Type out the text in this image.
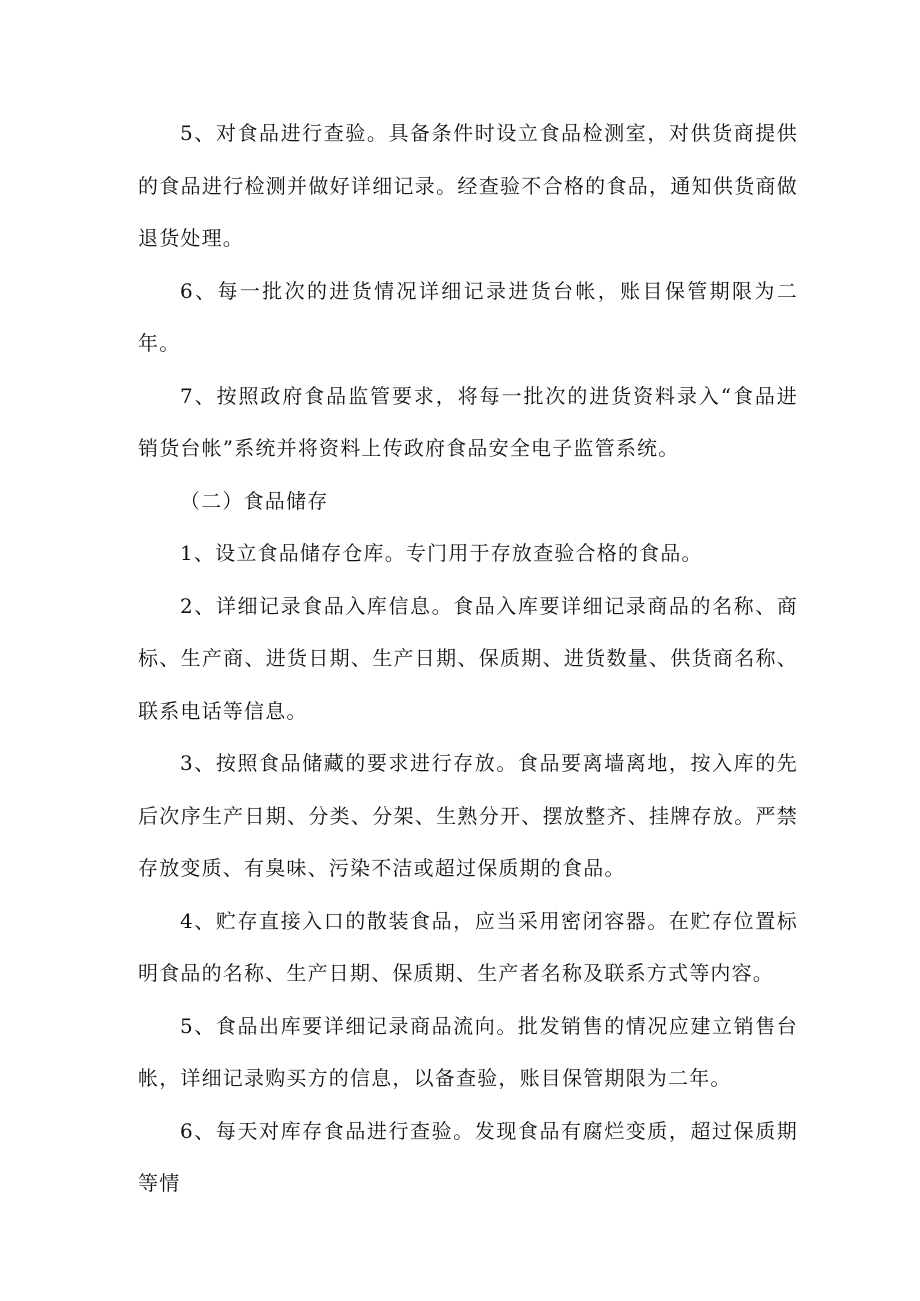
5、对食品进行查验。具备条件时设立食品检测室，对供货商提供的食品进行检测并做好详细记录。经查验不合格的食品，通知供货商做退货处理。

6、每一批次的进货情况详细记录进货台帐，账目保管期限为二年。

7、按照政府食品监管要求，将每一批次的进货资料录入“食品进销货台帐”系统并将资料上传政府食品安全电子监管系统。

（二）食品储存

1、设立食品储存仓库。专门用于存放查验合格的食品。

2、详细记录食品入库信息。食品入库要详细记录商品的名称、商标、生产商、进货日期、生产日期、保质期、进货数量、供货商名称、联系电话等信息。

3、按照食品储藏的要求进行存放。食品要离墙离地，按入库的先后次序生产日期、分类、分架、生熟分开、摆放整齐、挂牌存放。严禁存放变质、有臭味、污染不洁或超过保质期的食品。

4、贮存直接入口的散装食品，应当采用密闭容器。在贮存位置标明食品的名称、生产日期、保质期、生产者名称及联系方式等内容。

5、食品出库要详细记录商品流向。批发销售的情况应建立销售台帐，详细记录购买方的信息，以备查验，账目保管期限为二年。

6、每天对库存食品进行查验。发现食品有腐烂变质，超过保质期等情
